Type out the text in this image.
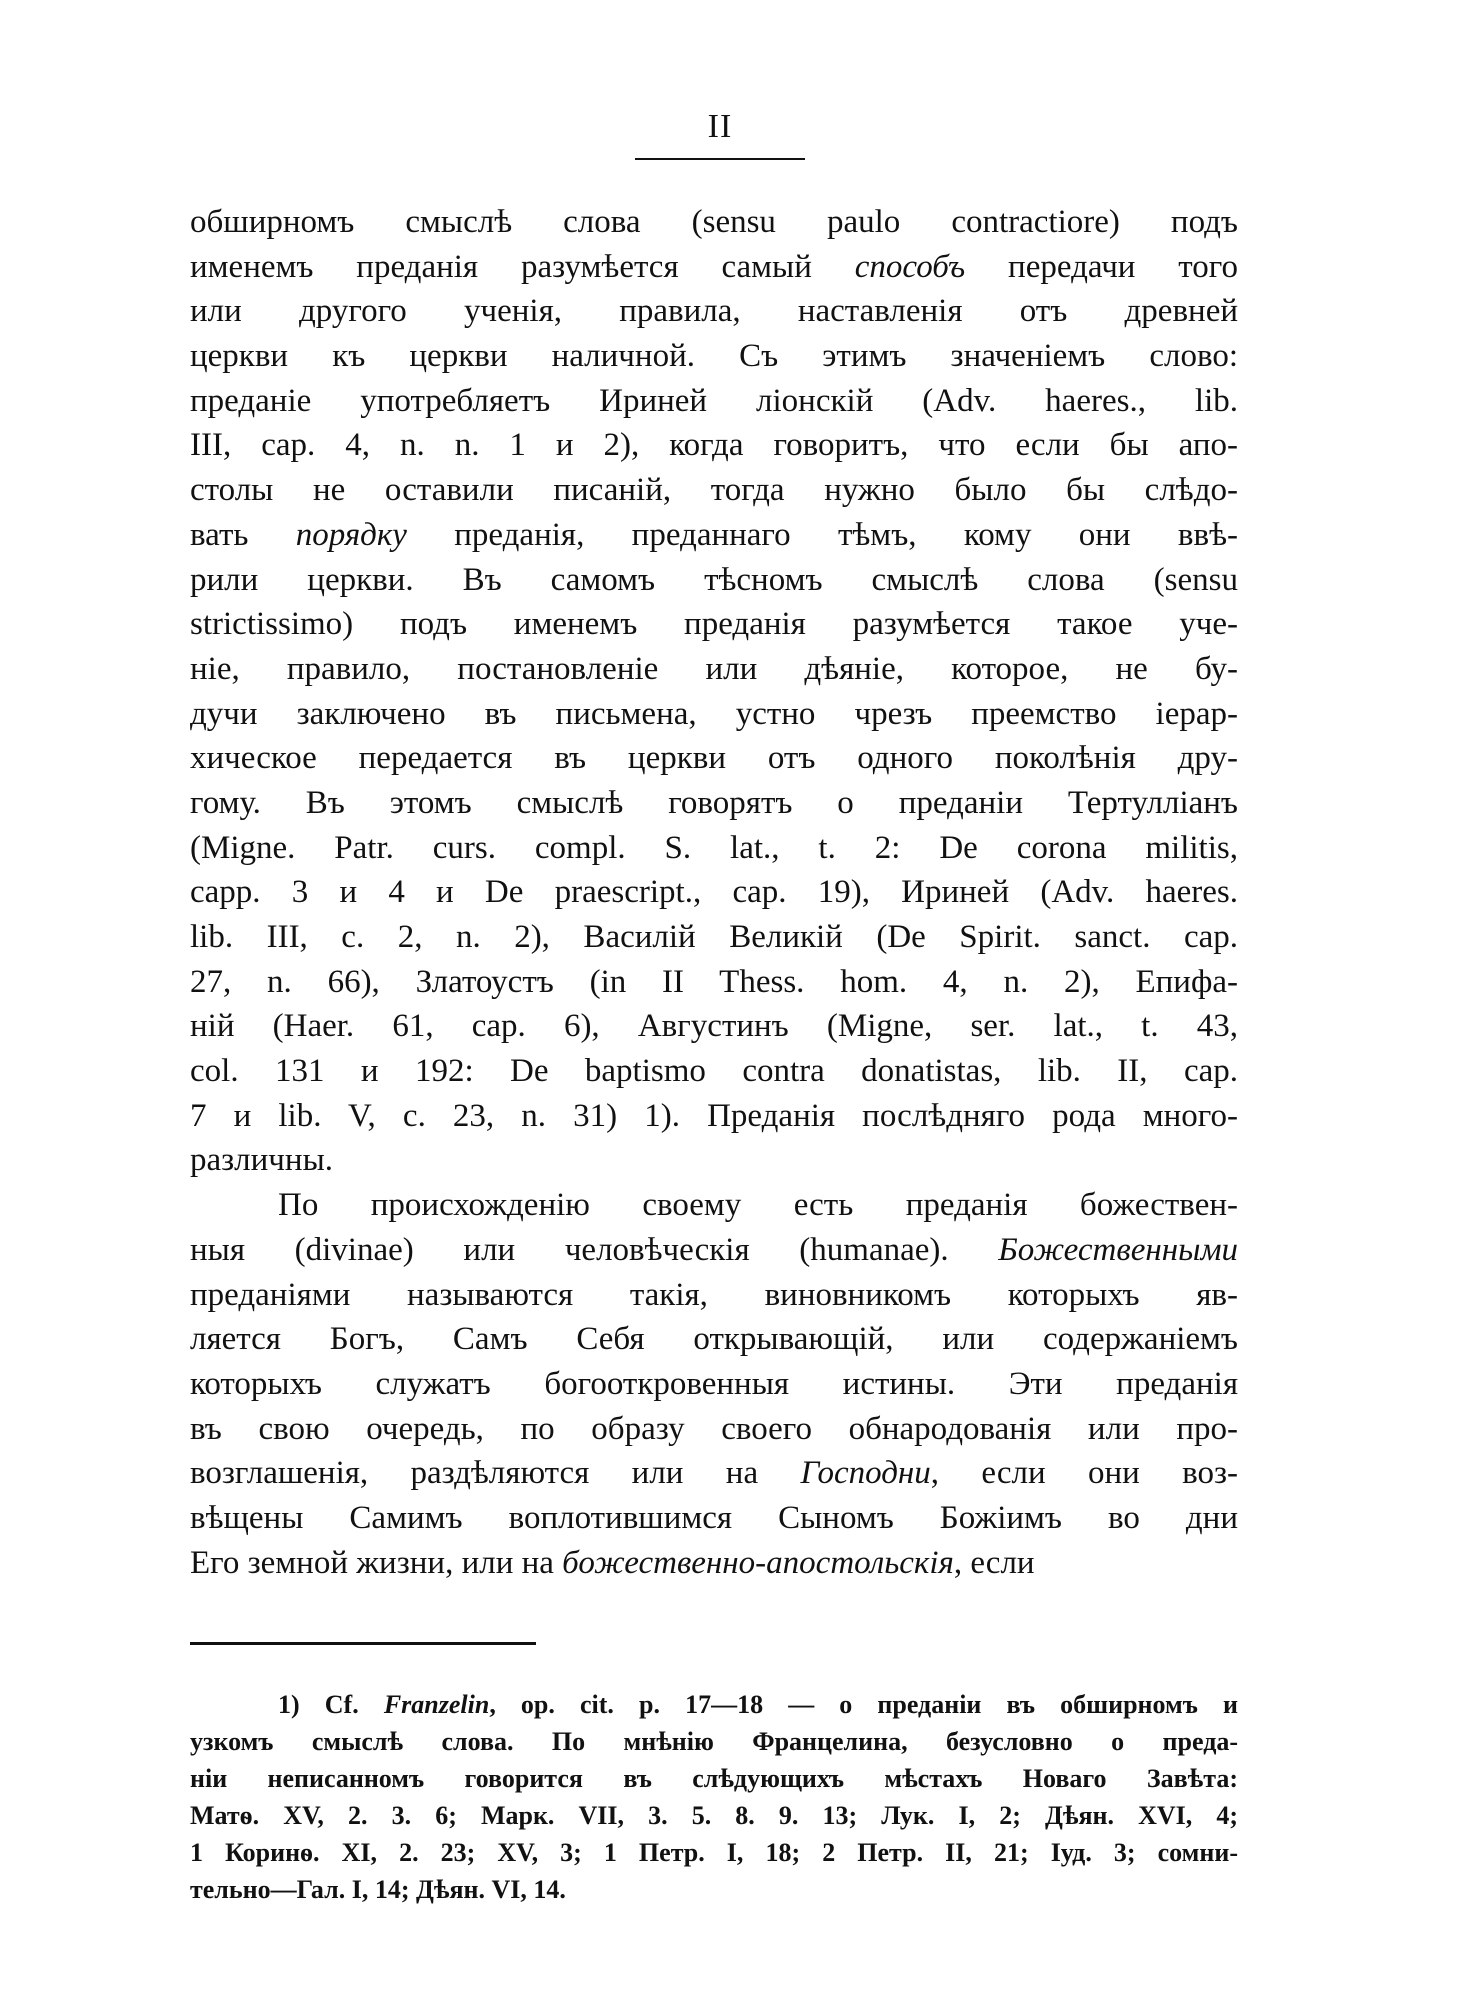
II
обширномъ смыслѣ слова (sensu paulo contractiore) подъ
именемъ преданія разумѣется самый способъ передачи того
или другого ученія, правила, наставленія отъ древней
церкви къ церкви наличной. Съ этимъ значеніемъ слово:
преданіе употребляетъ Ириней ліонскій (Adv. haeres., lib.
III, cap. 4, n. n. 1 и 2), когда говоритъ, что если бы апо-
столы не оставили писаній, тогда нужно было бы слѣдо-
вать порядку преданія, преданнаго тѣмъ, кому они ввѣ-
рили церкви. Въ самомъ тѣсномъ смыслѣ слова (sensu
strictissimo) подъ именемъ преданія разумѣется такое уче-
ніе, правило, постановленіе или дѣяніе, которое, не бу-
дучи заключено въ письмена, устно чрезъ преемство іерар-
хическое передается въ церкви отъ одного поколѣнія дру-
гому. Въ этомъ смыслѣ говорятъ о преданіи Тертулліанъ
(Migne. Patr. curs. compl. S. lat., t. 2: De corona militis,
capp. 3 и 4 и De praescript., cap. 19), Ириней (Adv. haeres.
lib. III, c. 2, n. 2), Василій Великій (De Spirit. sanct. cap.
27, n. 66), Златоустъ (in II Thess. hom. 4, n. 2), Епифа-
ній (Haer. 61, cap. 6), Августинъ (Migne, ser. lat., t. 43,
col. 131 и 192: De baptismo contra donatistas, lib. II, cap.
7 и lib. V, c. 23, n. 31) 1). Преданія послѣдняго рода много-
различны.
По происхожденію своему есть преданія божествен-
ныя (divinae) или человѣческія (humanae). Божественными
преданіями называются такія, виновникомъ которыхъ яв-
ляется Богъ, Самъ Себя открывающій, или содержаніемъ
которыхъ служатъ богооткровенныя истины. Эти преданія
въ свою очередь, по образу своего обнародованія или про-
возглашенія, раздѣляются или на Господни, если они воз-
вѣщены Самимъ воплотившимся Сыномъ Божіимъ во дни
Его земной жизни, или на божественно-апостольскія, если
1) Cf. Franzelin, op. cit. p. 17—18 — о преданіи въ обширномъ и
узкомъ смыслѣ слова. По мнѣнію Францелина, безусловно о преда-
ніи неписанномъ говорится въ слѣдующихъ мѣстахъ Новаго Завѣта:
Матѳ. XV, 2. 3. 6; Марк. VII, 3. 5. 8. 9. 13; Лук. I, 2; Дѣян. XVI, 4;
1 Коринѳ. XI, 2. 23; XV, 3; 1 Петр. I, 18; 2 Петр. II, 21; Іуд. 3; сомни-
тельно—Гал. I, 14; Дѣян. VI, 14.
